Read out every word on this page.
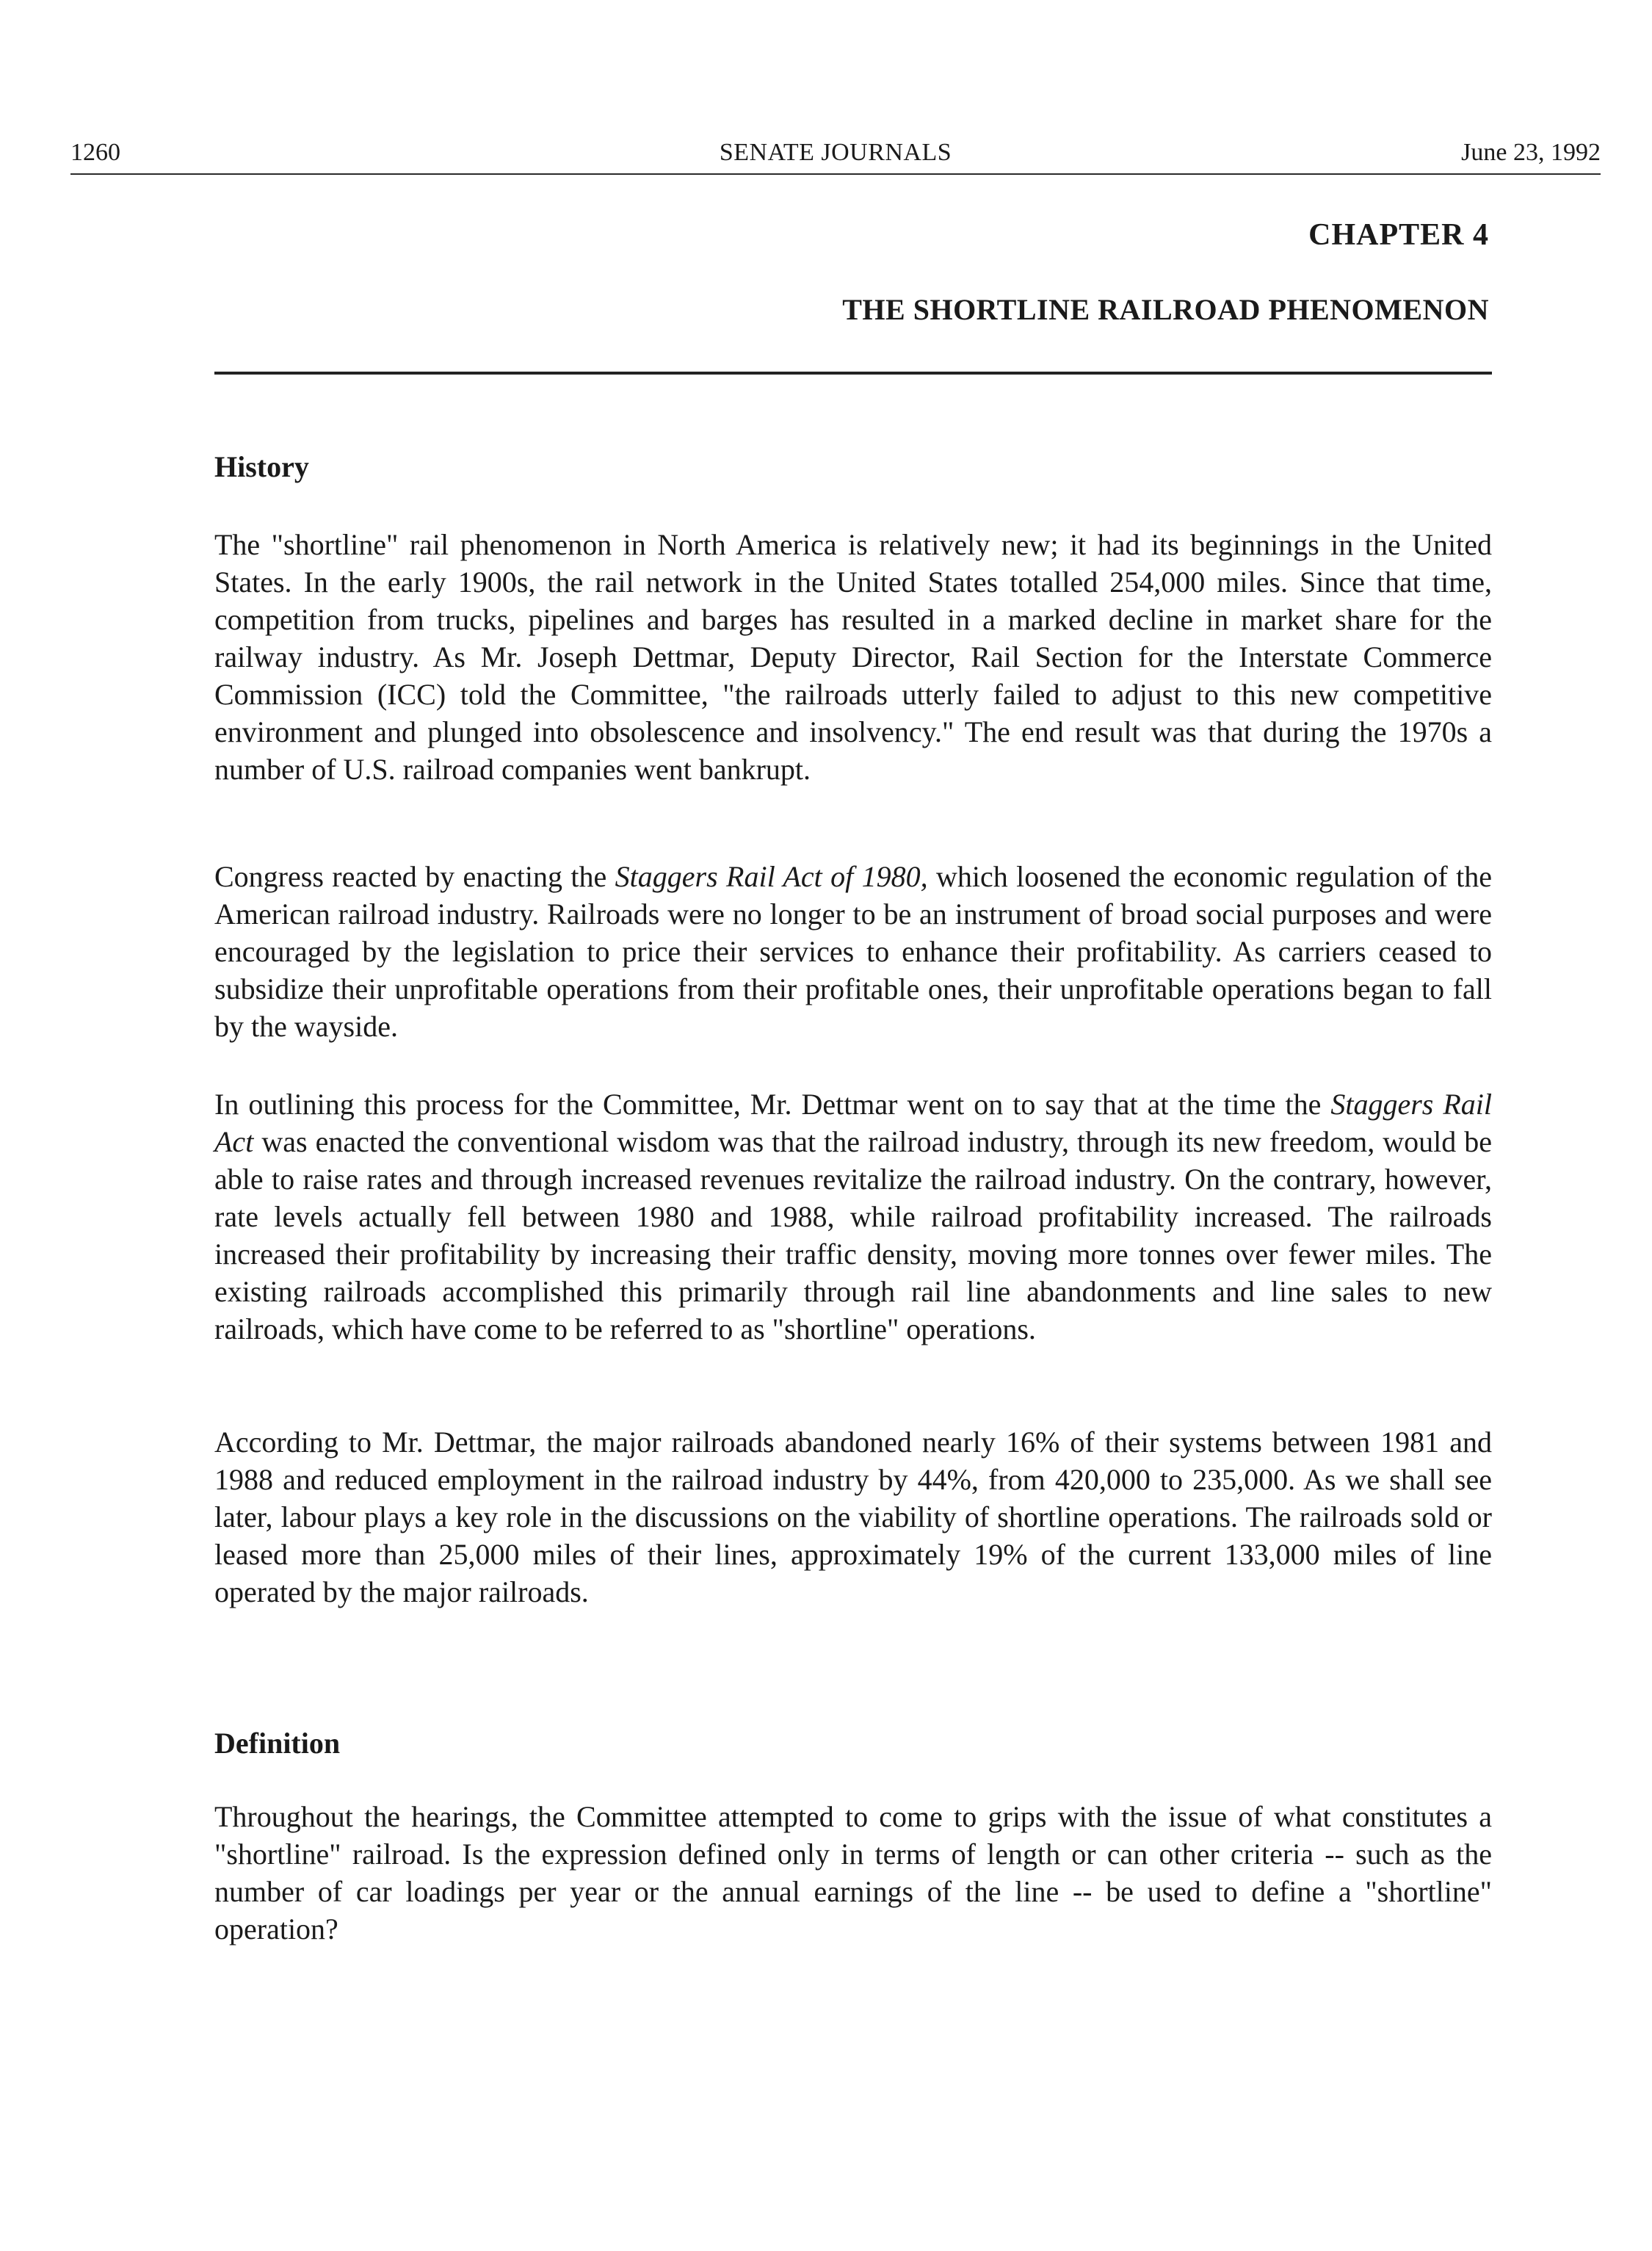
1260	SENATE JOURNALS	June 23, 1992
CHAPTER 4
THE SHORTLINE RAILROAD PHENOMENON
History

The "shortline" rail phenomenon in North America is relatively new; it had its beginnings in the United States. In the early 1900s, the rail network in the United States totalled 254,000 miles. Since that time, competition from trucks, pipelines and barges has resulted in a marked decline in market share for the railway industry. As Mr. Joseph Dettmar, Deputy Director, Rail Section for the Interstate Commerce Commission (ICC) told the Committee, "the railroads utterly failed to adjust to this new competitive environment and plunged into obsolescence and insolvency." The end result was that during the 1970s a number of U.S. railroad companies went bankrupt.

Congress reacted by enacting the Staggers Rail Act of 1980, which loosened the economic regulation of the American railroad industry. Railroads were no longer to be an instrument of broad social purposes and were encouraged by the legislation to price their services to enhance their profitability. As carriers ceased to subsidize their unprofitable operations from their profitable ones, their unprofitable operations began to fall by the wayside.

In outlining this process for the Committee, Mr. Dettmar went on to say that at the time the Staggers Rail Act was enacted the conventional wisdom was that the railroad industry, through its new freedom, would be able to raise rates and through increased revenues revitalize the railroad industry. On the contrary, however, rate levels actually fell between 1980 and 1988, while railroad profitability increased. The railroads increased their profitability by increasing their traffic density, moving more tonnes over fewer miles. The existing railroads accomplished this primarily through rail line abandonments and line sales to new railroads, which have come to be referred to as "shortline" operations.

According to Mr. Dettmar, the major railroads abandoned nearly 16% of their systems between 1981 and 1988 and reduced employment in the railroad industry by 44%, from 420,000 to 235,000. As we shall see later, labour plays a key role in the discussions on the viability of shortline operations. The railroads sold or leased more than 25,000 miles of their lines, approximately 19% of the current 133,000 miles of line operated by the major railroads.

Definition

Throughout the hearings, the Committee attempted to come to grips with the issue of what constitutes a "shortline" railroad. Is the expression defined only in terms of length or can other criteria -- such as the number of car loadings per year or the annual earnings of the line -- be used to define a "shortline" operation?
